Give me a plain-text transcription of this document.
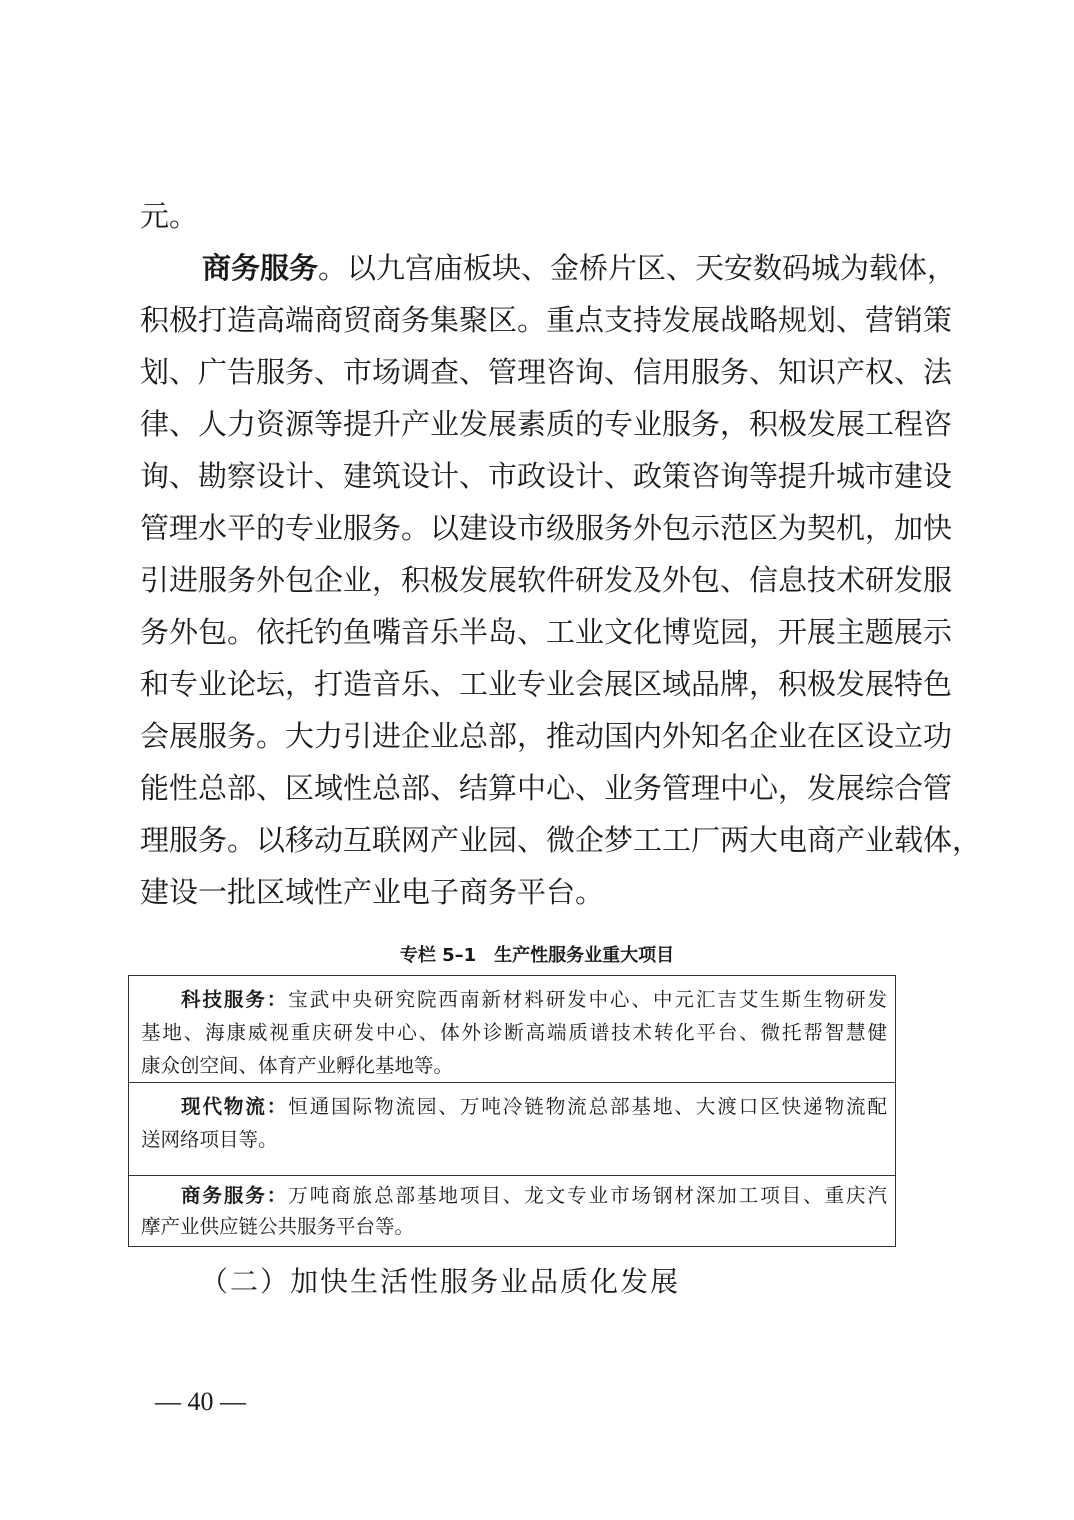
元。
商务服务。以九宫庙板块、金桥片区、天安数码城为载体，
积极打造高端商贸商务集聚区。重点支持发展战略规划、营销策
划、广告服务、市场调查、管理咨询、信用服务、知识产权、法
律、人力资源等提升产业发展素质的专业服务，积极发展工程咨
询、勘察设计、建筑设计、市政设计、政策咨询等提升城市建设
管理水平的专业服务。以建设市级服务外包示范区为契机，加快
引进服务外包企业，积极发展软件研发及外包、信息技术研发服
务外包。依托钓鱼嘴音乐半岛、工业文化博览园，开展主题展示
和专业论坛，打造音乐、工业专业会展区域品牌，积极发展特色
会展服务。大力引进企业总部，推动国内外知名企业在区设立功
能性总部、区域性总部、结算中心、业务管理中心，发展综合管
理服务。以移动互联网产业园、微企梦工工厂两大电商产业载体，
建设一批区域性产业电子商务平台。
专栏 5–1　生产性服务业重大项目
科技服务：宝武中央研究院西南新材料研发中心、中元汇吉艾生斯生物研发
基地、海康威视重庆研发中心、体外诊断高端质谱技术转化平台、微托帮智慧健
康众创空间、体育产业孵化基地等。
现代物流：恒通国际物流园、万吨冷链物流总部基地、大渡口区快递物流配
送网络项目等。
商务服务：万吨商旅总部基地项目、龙文专业市场钢材深加工项目、重庆汽
摩产业供应链公共服务平台等。
（二）加快生活性服务业品质化发展
— 40 —
